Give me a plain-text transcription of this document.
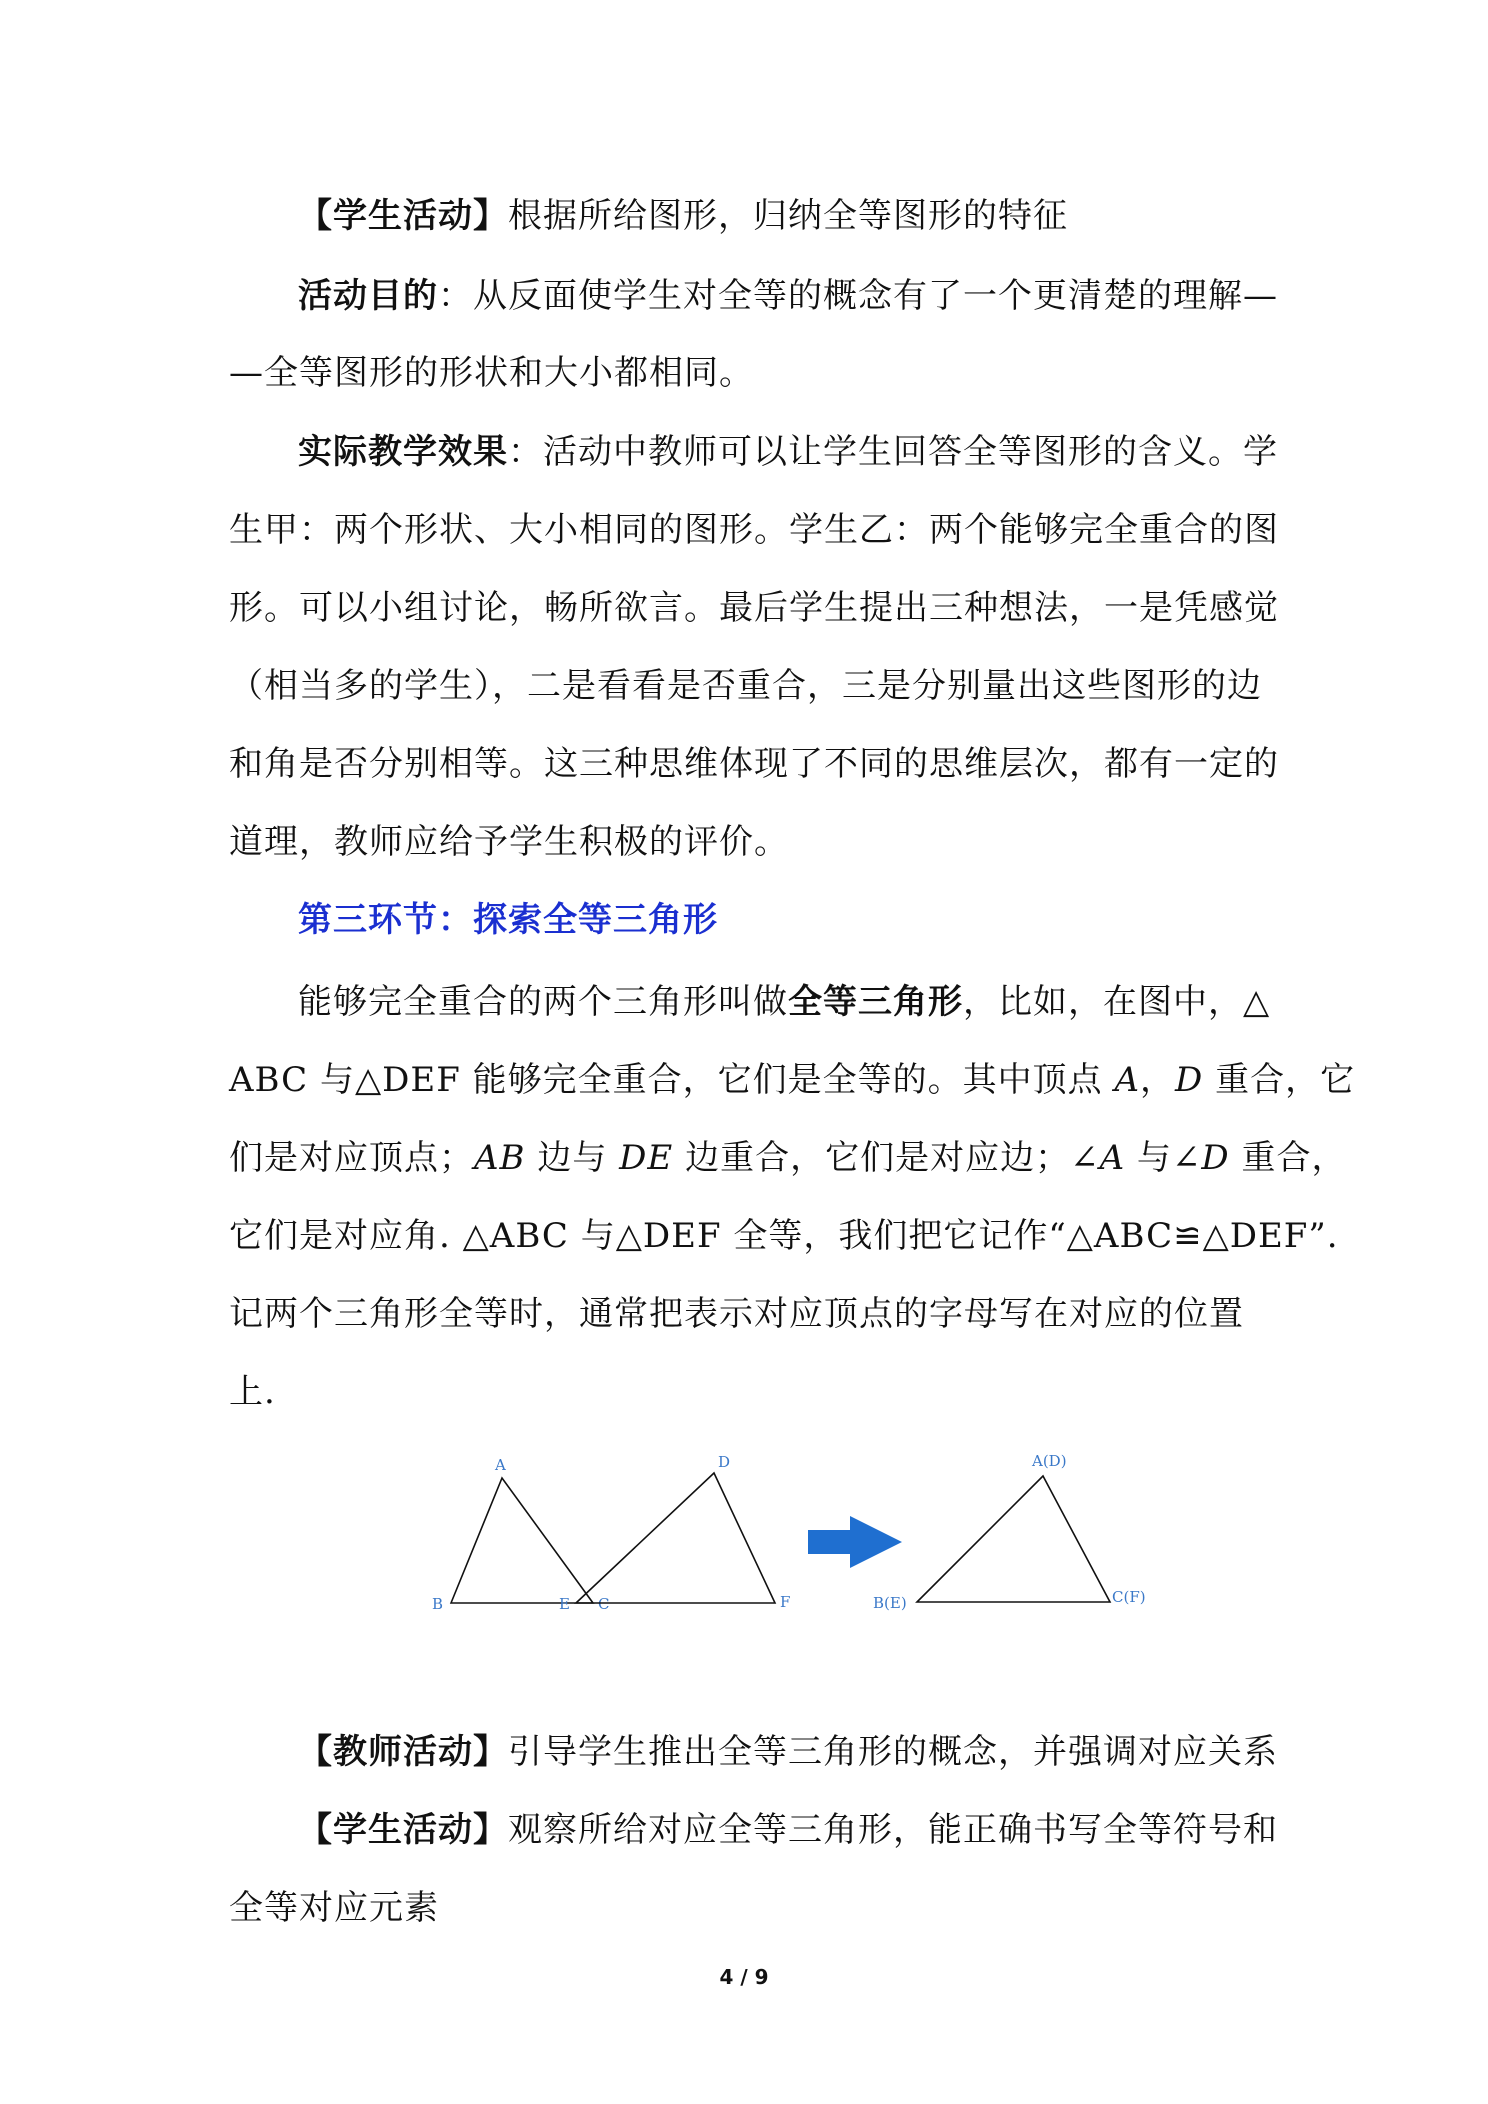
【学生活动】根据所给图形，归纳全等图形的特征
活动目的：从反面使学生对全等的概念有了一个更清楚的理解—
—全等图形的形状和大小都相同。
实际教学效果：活动中教师可以让学生回答全等图形的含义。学
生甲：两个形状、大小相同的图形。学生乙：两个能够完全重合的图
形。可以小组讨论，畅所欲言。最后学生提出三种想法，一是凭感觉
（相当多的学生），二是看看是否重合，三是分别量出这些图形的边
和角是否分别相等。这三种思维体现了不同的思维层次，都有一定的
道理，教师应给予学生积极的评价。
第三环节：探索全等三角形
能够完全重合的两个三角形叫做全等三角形，比如，在图中，△
ABC 与△DEF 能够完全重合，它们是全等的。其中顶点 A，D 重合，它
们是对应顶点；AB 边与 DE 边重合，它们是对应边；∠A 与∠D 重合，
它们是对应角. △ABC 与△DEF 全等，我们把它记作“△ABC≌△DEF”.
记两个三角形全等时，通常把表示对应顶点的字母写在对应的位置
上.
A
B	C
D
E	F
A(D)
B(E)	C(F)
【教师活动】引导学生推出全等三角形的概念，并强调对应关系
【学生活动】观察所给对应全等三角形，能正确书写全等符号和
全等对应元素
4 / 9
